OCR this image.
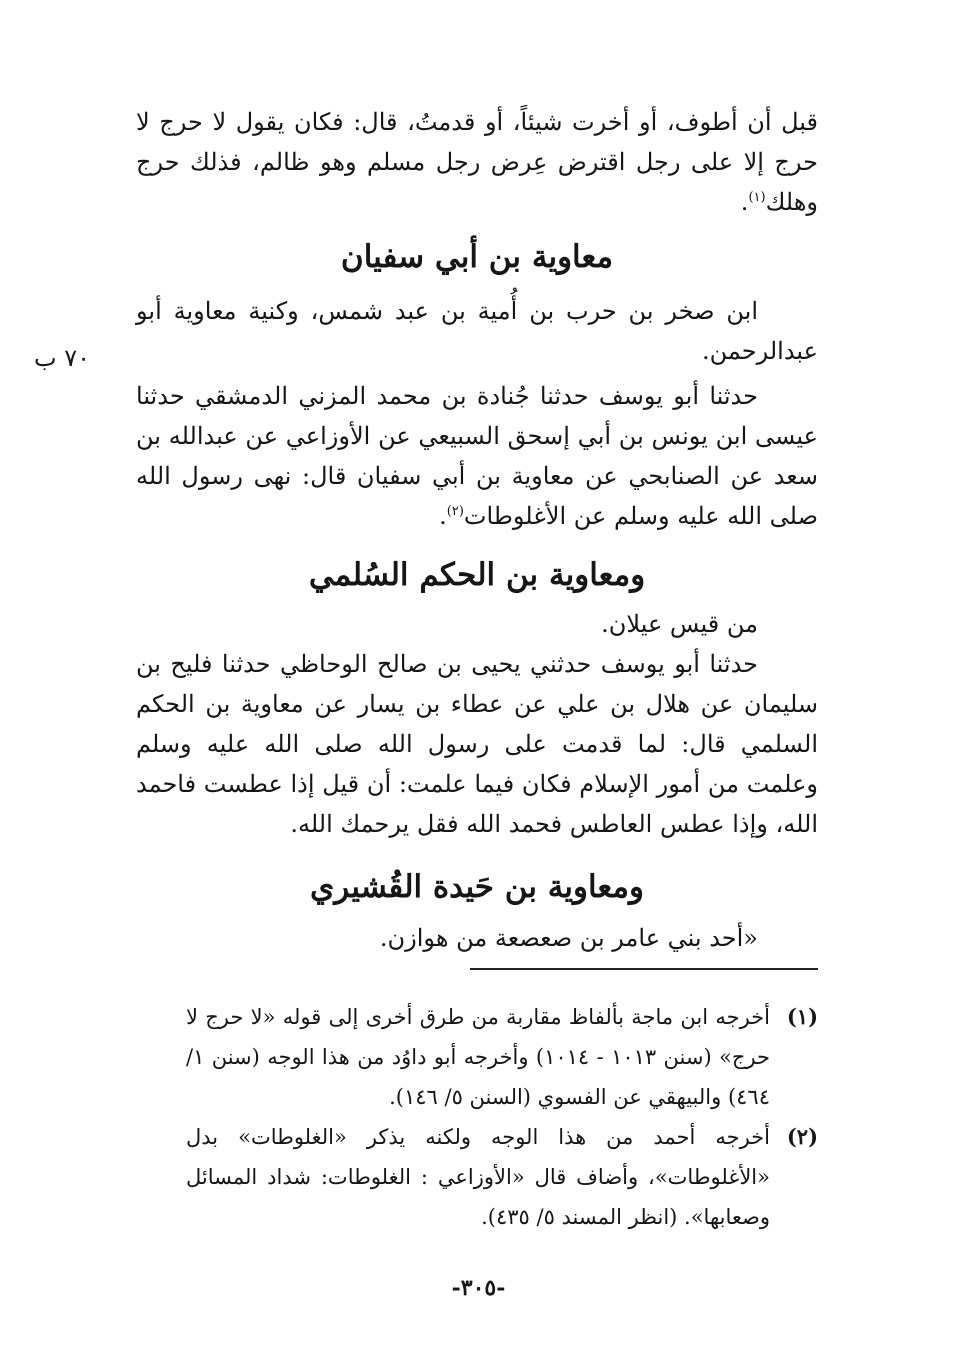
٧٠ ب

قبل أن أطوف، أو أخرت شيئاً، أو قدمتُ، قال: فكان يقول لا حرج لا حرج إلا على رجل اقترض عِرض رجل مسلم وهو ظالم، فذلك حرج وهلك$^{(١)}$.

معاوية بن أبي سفيان

ابن صخر بن حرب بن أُمية بن عبد شمس، وكنية معاوية أبو عبدالرحمن.

حدثنا أبو يوسف حدثنا جُنادة بن محمد المزني الدمشقي حدثنا عيسى ابن يونس بن أبي إسحق السبيعي عن الأوزاعي عن عبدالله بن سعد عن الصنابحي عن معاوية بن أبي سفيان قال: نهى رسول الله صلى الله عليه وسلم عن الأغلوطات$^{(٢)}$.

ومعاوية بن الحكم السُلمي

من قيس عيلان.

حدثنا أبو يوسف حدثني يحيى بن صالح الوحاظي حدثنا فليح بن سليمان عن هلال بن علي عن عطاء بن يسار عن معاوية بن الحكم السلمي قال: لما قدمت على رسول الله صلى الله عليه وسلم وعلمت من أمور الإسلام فكان فيما علمت: أن قيل إذا عطست فاحمد الله، وإذا عطس العاطس فحمد الله فقل يرحمك الله.

ومعاوية بن حَيدة القُشيري

«أحد بني عامر بن صعصعة من هوازن.

(١)
أخرجه ابن ماجة بألفاظ مقاربة من طرق أخرى إلى قوله «لا حرج لا حرج» (سنن ١٠١٣ - ١٠١٤) وأخرجه أبو داوُد من هذا الوجه (سنن ١/ ٤٦٤) والبيهقي عن الفسوي (السنن ٥/ ١٤٦).
(٢)
أخرجه أحمد من هذا الوجه ولكنه يذكر «الغلوطات» بدل «الأغلوطات»، وأضاف قال «الأوزاعي : الغلوطات: شداد المسائل وصعابها». (انظر المسند ٥/ ٤٣٥).
-٣٠٥-
